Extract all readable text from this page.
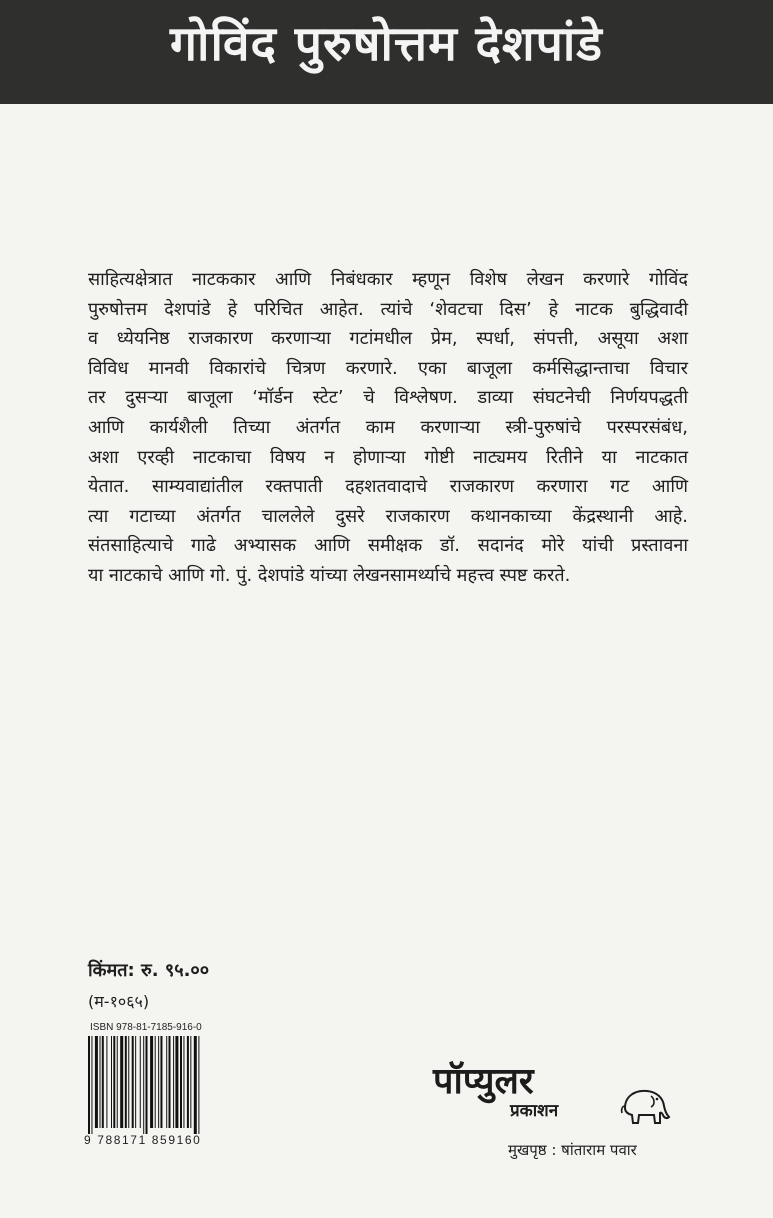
गोविंद पुरुषोत्तम देशपांडे
साहित्यक्षेत्रात नाटककार आणि निबंधकार म्हणून विशेष लेखन करणारे गोविंद
पुरुषोत्तम देशपांडे हे परिचित आहेत. त्यांचे ‘शेवटचा दिस’ हे नाटक बुद्धिवादी
व ध्येयनिष्ठ राजकारण करणाऱ्या गटांमधील प्रेम, स्पर्धा, संपत्ती, असूया अशा
विविध मानवी विकारांचे चित्रण करणारे. एका बाजूला कर्मसिद्धान्ताचा विचार
तर दुसऱ्या बाजूला ‘मॉर्डन स्टेट’ चे विश्लेषण. डाव्या संघटनेची निर्णयपद्धती
आणि कार्यशैली तिच्या अंतर्गत काम करणाऱ्या स्त्री-पुरुषांचे परस्परसंबंध,
अशा एरव्ही नाटकाचा विषय न होणाऱ्या गोष्टी नाट्यमय रितीने या नाटकात
येतात. साम्यवाद्यांतील रक्तपाती दहशतवादाचे राजकारण करणारा गट आणि
त्या गटाच्या अंतर्गत चाललेले दुसरे राजकारण कथानकाच्या केंद्रस्थानी आहे.
संतसाहित्याचे गाढे अभ्यासक आणि समीक्षक डॉ. सदानंद मोरे यांची प्रस्तावना
या नाटकाचे आणि गो. पुं. देशपांडे यांच्या लेखनसामर्थ्याचे महत्त्व स्पष्ट करते.
किंमत: रु. ९५.००
(म-१०६५)
ISBN 978-81-7185-916-0
9 788171 859160
पॉप्युलर
प्रकाशन
मुखपृष्ठ : षांताराम पवार
